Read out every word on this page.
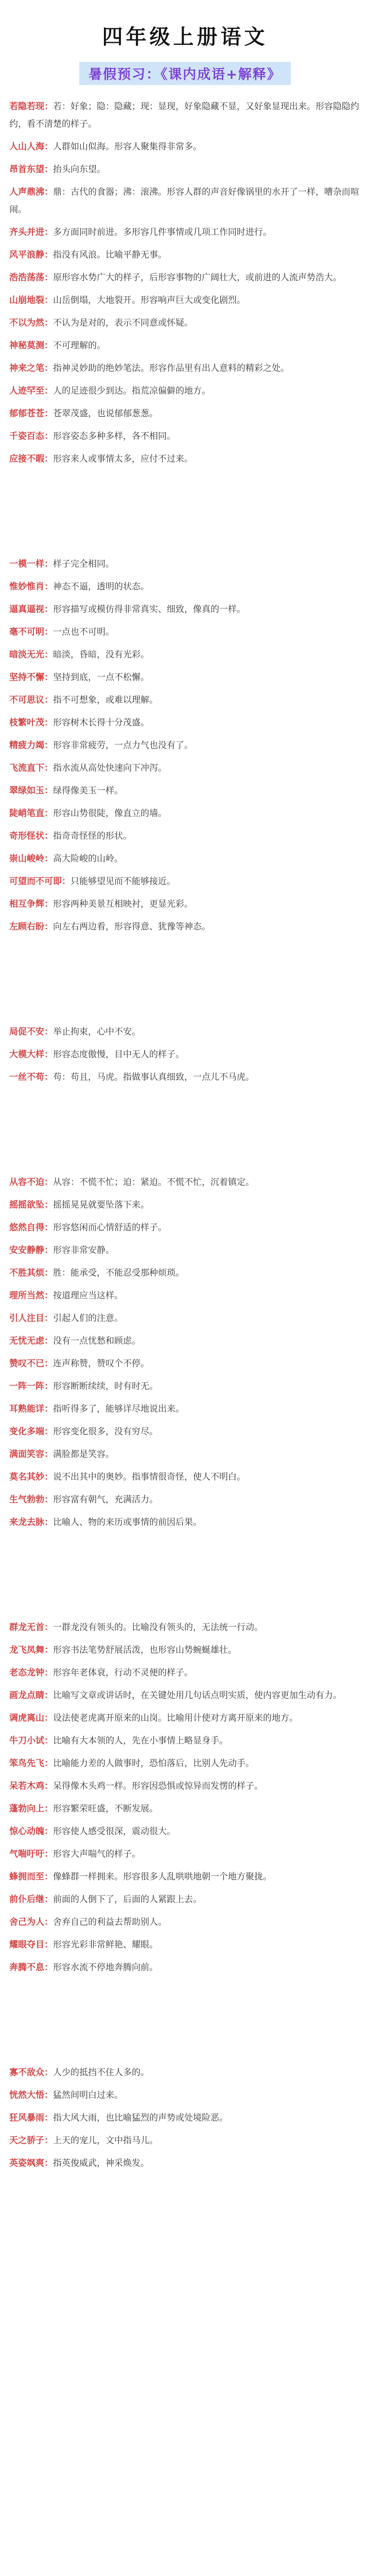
四年级上册语文
暑假预习：《课内成语+解释》

若隐若现：若：好象；隐：隐藏；现：显现，好象隐藏不显，又好象显现出来。形容隐隐约约，看不清楚的样子。

人山人海：人群如山似海。形容人聚集得非常多。

昂首东望：抬头向东望。

人声鼎沸：鼎：古代的食器；沸：滚沸。形容人群的声音好像锅里的水开了一样，嘈杂而喧闹。

齐头并进：多方面同时前进。多形容几件事情或几项工作同时进行。

风平浪静：指没有风浪。比喻平静无事。

浩浩荡荡：原形容水势广大的样子，后形容事物的广阔壮大，或前进的人流声势浩大。

山崩地裂：山岳倒塌，大地裂开。形容响声巨大或变化剧烈。

不以为然：不认为是对的，表示不同意或怀疑。

神秘莫测：不可理解的。

神来之笔：指神灵妙助的绝妙笔法。形容作品里有出人意料的精彩之处。

人迹罕至：人的足迹很少到达。指荒凉偏僻的地方。

郁郁苍苍：苍翠茂盛，也说郁郁葱葱。

千姿百态：形容姿态多种多样，各不相同。

应接不暇：形容来人或事情太多，应付不过来。

一模一样：样子完全相同。

惟妙惟肖：神态不逼，透明的状态。

逼真逼视：形容描写或模仿得非常真实、细致，像真的一样。

毫不可明：一点也不可明。

暗淡无光：暗淡，昏暗，没有光彩。

坚持不懈：坚持到底，一点不松懈。

不可思议：指不可想象，或难以理解。

枝繁叶茂：形容树木长得十分茂盛。

精疲力竭：形容非常疲劳，一点力气也没有了。

飞流直下：指水流从高处快速向下冲泻。

翠绿如玉：绿得像美玉一样。

陡峭笔直：形容山势很陡，像直立的墙。

奇形怪状：指奇奇怪怪的形状。

崇山峻岭：高大险峻的山岭。

可望而不可即：只能够望见而不能够接近。

相互争辉：形容两种美景互相映衬，更显光彩。

左顾右盼：向左右两边看，形容得意、犹豫等神态。

局促不安：举止拘束，心中不安。

大模大样：形容态度傲慢，目中无人的样子。

一丝不苟：苟：苟且，马虎。指做事认真细致，一点儿不马虎。

从容不迫：从容：不慌不忙；迫：紧迫。不慌不忙，沉着镇定。

摇摇欲坠：摇摇晃晃就要坠落下来。

悠然自得：形容悠闲而心情舒适的样子。

安安静静：形容非常安静。

不胜其烦：胜：能承受，不能忍受那种烦琐。

理所当然：按道理应当这样。

引人注目：引起人们的注意。

无忧无虑：没有一点忧愁和顾虑。

赞叹不已：连声称赞，赞叹个不停。

一阵一阵：形容断断续续，时有时无。

耳熟能详：指听得多了，能够详尽地说出来。

变化多端：形容变化很多，没有穷尽。

满面笑容：满脸都是笑容。

莫名其妙：说不出其中的奥妙。指事情很奇怪，使人不明白。

生气勃勃：形容富有朝气，充满活力。

来龙去脉：比喻人、物的来历或事情的前因后果。

群龙无首：一群龙没有领头的。比喻没有领头的，无法统一行动。

龙飞凤舞：形容书法笔势舒展活泼，也形容山势蜿蜒雄壮。

老态龙钟：形容年老体衰，行动不灵便的样子。

画龙点睛：比喻写文章或讲话时，在关键处用几句话点明实质，使内容更加生动有力。

调虎离山：设法使老虎离开原来的山岗。比喻用计使对方离开原来的地方。

牛刀小试：比喻有大本领的人，先在小事情上略显身手。

笨鸟先飞：比喻能力差的人做事时，恐怕落后，比别人先动手。

呆若木鸡：呆得像木头鸡一样。形容因恐惧或惊异而发愣的样子。

蓬勃向上：形容繁荣旺盛，不断发展。

惊心动魄：形容使人感受很深，震动很大。

气喘吁吁：形容大声喘气的样子。

蜂拥而至：像蜂群一样拥来。形容很多人乱哄哄地朝一个地方聚拢。

前仆后继：前面的人倒下了，后面的人紧跟上去。

舍己为人：舍弃自己的利益去帮助别人。

耀眼夺目：形容光彩非常鲜艳、耀眼。

奔腾不息：形容水流不停地奔腾向前。

寡不敌众：人少的抵挡不住人多的。

恍然大悟：猛然间明白过来。

狂风暴雨：指大风大雨，也比喻猛烈的声势或处境险恶。

天之骄子：上天的宠儿，文中指马儿。

英姿飒爽：指英俊威武，神采焕发。
